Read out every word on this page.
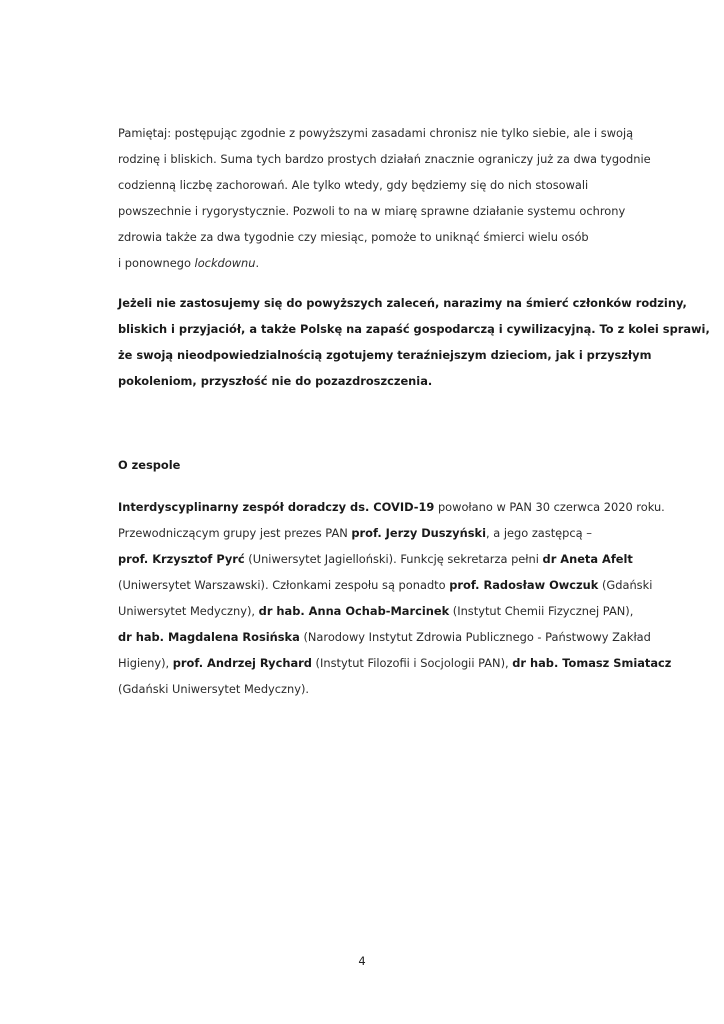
Pamiętaj: postępując zgodnie z powyższymi zasadami chronisz nie tylko siebie, ale i swoją
rodzinę i bliskich. Suma tych bardzo prostych działań znacznie ograniczy już za dwa tygodnie
codzienną liczbę zachorowań. Ale tylko wtedy, gdy będziemy się do nich stosowali
powszechnie i rygorystycznie. Pozwoli to na w miarę sprawne działanie systemu ochrony
zdrowia także za dwa tygodnie czy miesiąc, pomoże to uniknąć śmierci wielu osób
i ponownego lockdownu.
Jeżeli nie zastosujemy się do powyższych zaleceń, narazimy na śmierć członków rodziny,
bliskich i przyjaciół, a także Polskę na zapaść gospodarczą i cywilizacyjną. To z kolei sprawi,
że swoją nieodpowiedzialnością zgotujemy teraźniejszym dzieciom, jak i przyszłym
pokoleniom, przyszłość nie do pozazdroszczenia.
O zespole
Interdyscyplinarny zespół doradczy ds. COVID-19 powołano w PAN 30 czerwca 2020 roku.
Przewodniczącym grupy jest prezes PAN prof. Jerzy Duszyński, a jego zastępcą –
prof. Krzysztof Pyrć (Uniwersytet Jagielloński). Funkcję sekretarza pełni dr Aneta Afelt
(Uniwersytet Warszawski). Członkami zespołu są ponadto prof. Radosław Owczuk (Gdański
Uniwersytet Medyczny), dr hab. Anna Ochab-Marcinek (Instytut Chemii Fizycznej PAN),
dr hab. Magdalena Rosińska (Narodowy Instytut Zdrowia Publicznego - Państwowy Zakład
Higieny), prof. Andrzej Rychard (Instytut Filozofii i Socjologii PAN), dr hab. Tomasz Smiatacz
(Gdański Uniwersytet Medyczny).
4
